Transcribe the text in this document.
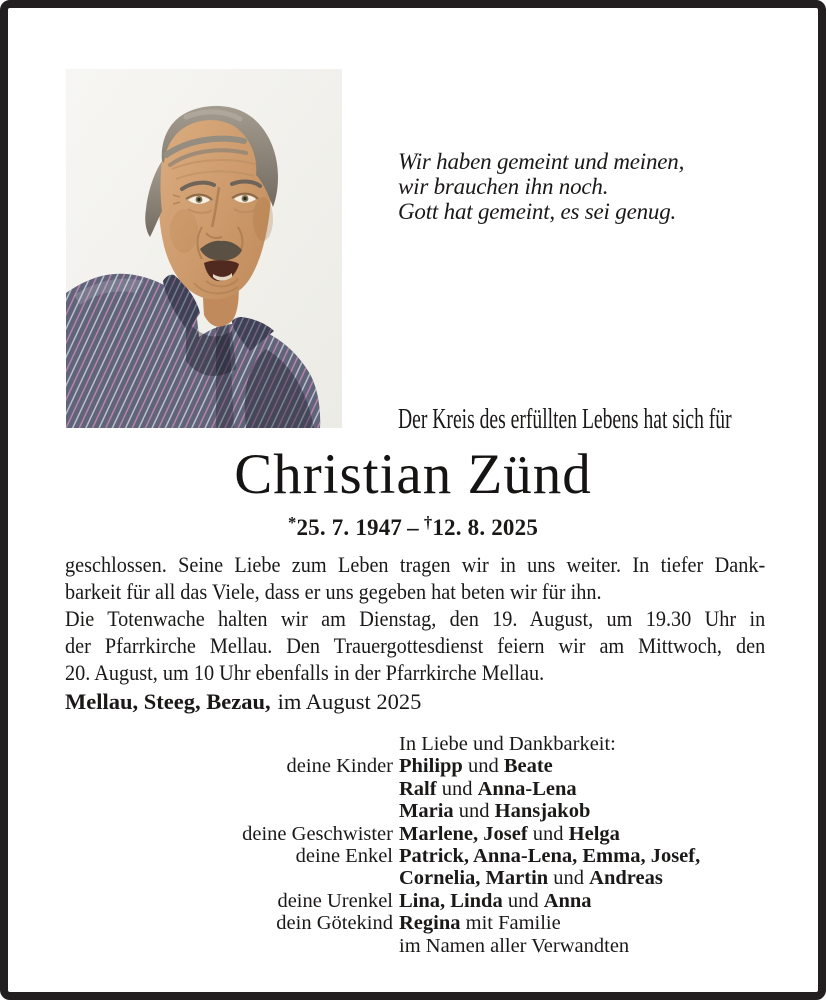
Wir haben gemeint und meinen,
wir brauchen ihn noch.
Gott hat gemeint, es sei genug.
Der Kreis des erfüllten Lebens hat sich für
Christian Zünd
*25. 7. 1947 – †12. 8. 2025
geschlossen. Seine Liebe zum Leben tragen wir in uns weiter. In tiefer Dank-
barkeit für all das Viele, dass er uns gegeben hat beten wir für ihn.
Die Totenwache halten wir am Dienstag, den 19. August, um 19.30 Uhr in
der Pfarrkirche Mellau. Den Trauergottesdienst feiern wir am Mittwoch, den
20. August, um 10 Uhr ebenfalls in der Pfarrkirche Mellau.
Mellau, Steeg, Bezau, im August 2025
In Liebe und Dankbarkeit:
deine Kinder Philipp und Beate
Ralf und Anna-Lena
Maria und Hansjakob
deine Geschwister Marlene, Josef und Helga
deine Enkel Patrick, Anna-Lena, Emma, Josef,
Cornelia, Martin und Andreas
deine Urenkel Lina, Linda und Anna
dein Götekind Regina mit Familie
im Namen aller Verwandten
